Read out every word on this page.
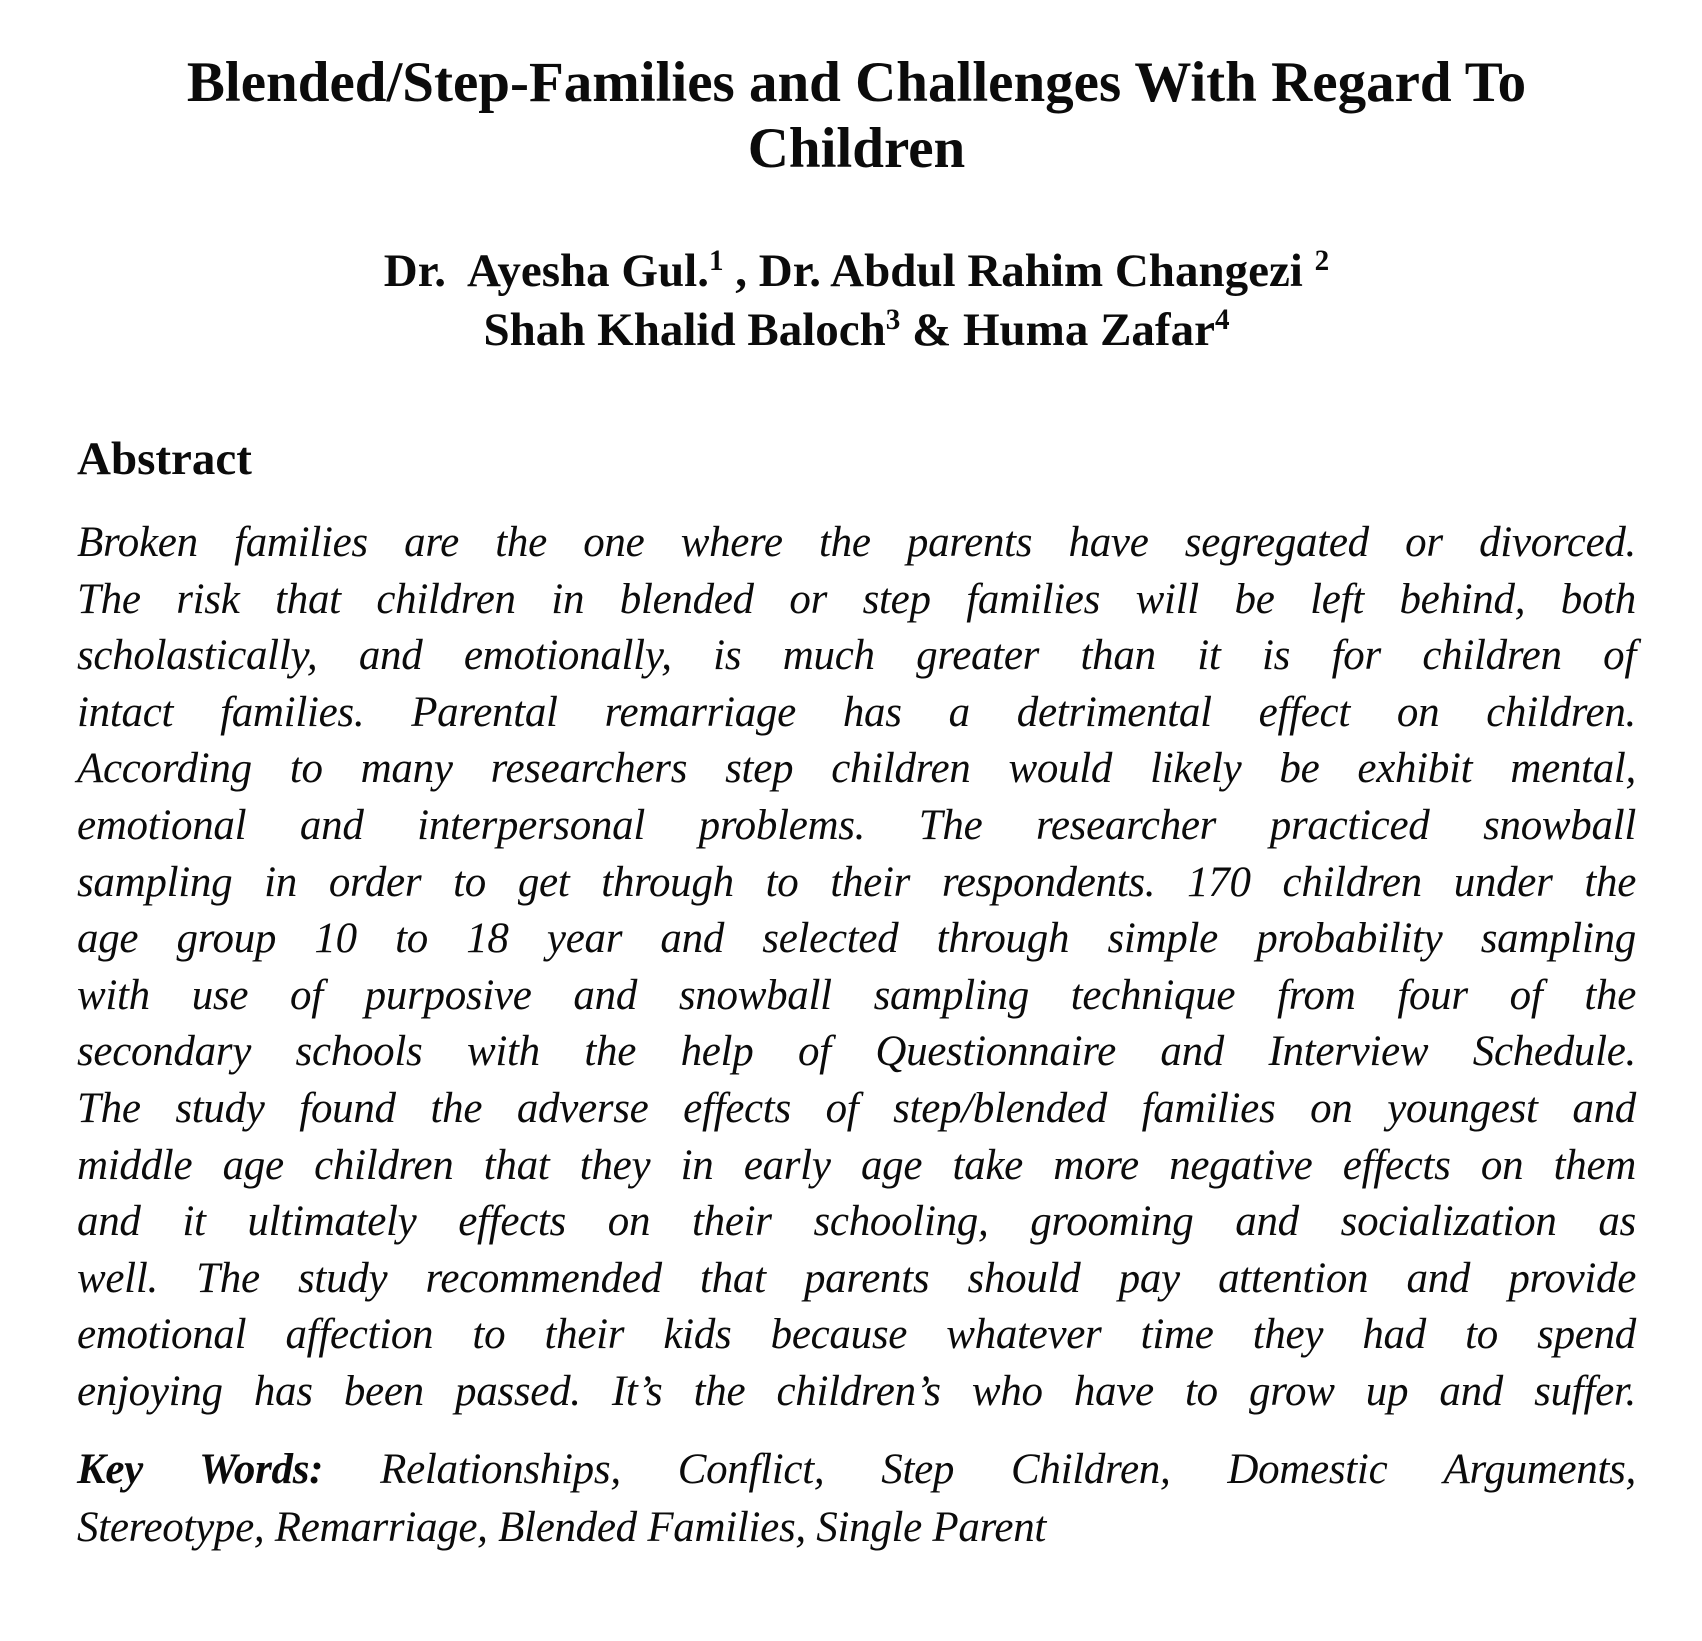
Blended/Step-Families and Challenges With Regard To
Children
Dr.  Ayesha Gul.$^1$ , Dr. Abdul Rahim Changezi $^2$
Shah Khalid Baloch$^3$ & Huma Zafar$^4$
Abstract
Broken families are the one where the parents have segregated or divorced.
The risk that children in blended or step families will be left behind, both
scholastically, and emotionally, is much greater than it is for children of
intact families. Parental remarriage has a detrimental effect on children.
According to many researchers step children would likely be exhibit mental,
emotional and interpersonal problems. The researcher practiced snowball
sampling in order to get through to their respondents. 170 children under the
age group 10 to 18 year and selected through simple probability sampling
with use of purposive and snowball sampling technique from four of the
secondary schools with the help of Questionnaire and Interview Schedule.
The study found the adverse effects of step/blended families on youngest and
middle age children that they in early age take more negative effects on them
and it ultimately effects on their schooling, grooming and socialization as
well. The study recommended that parents should pay attention and provide
emotional affection to their kids because whatever time they had to spend
enjoying has been passed. It’s the children’s who have to grow up and suffer.
Key Words: Relationships, Conflict, Step Children, Domestic Arguments,
Stereotype, Remarriage, Blended Families, Single Parent
